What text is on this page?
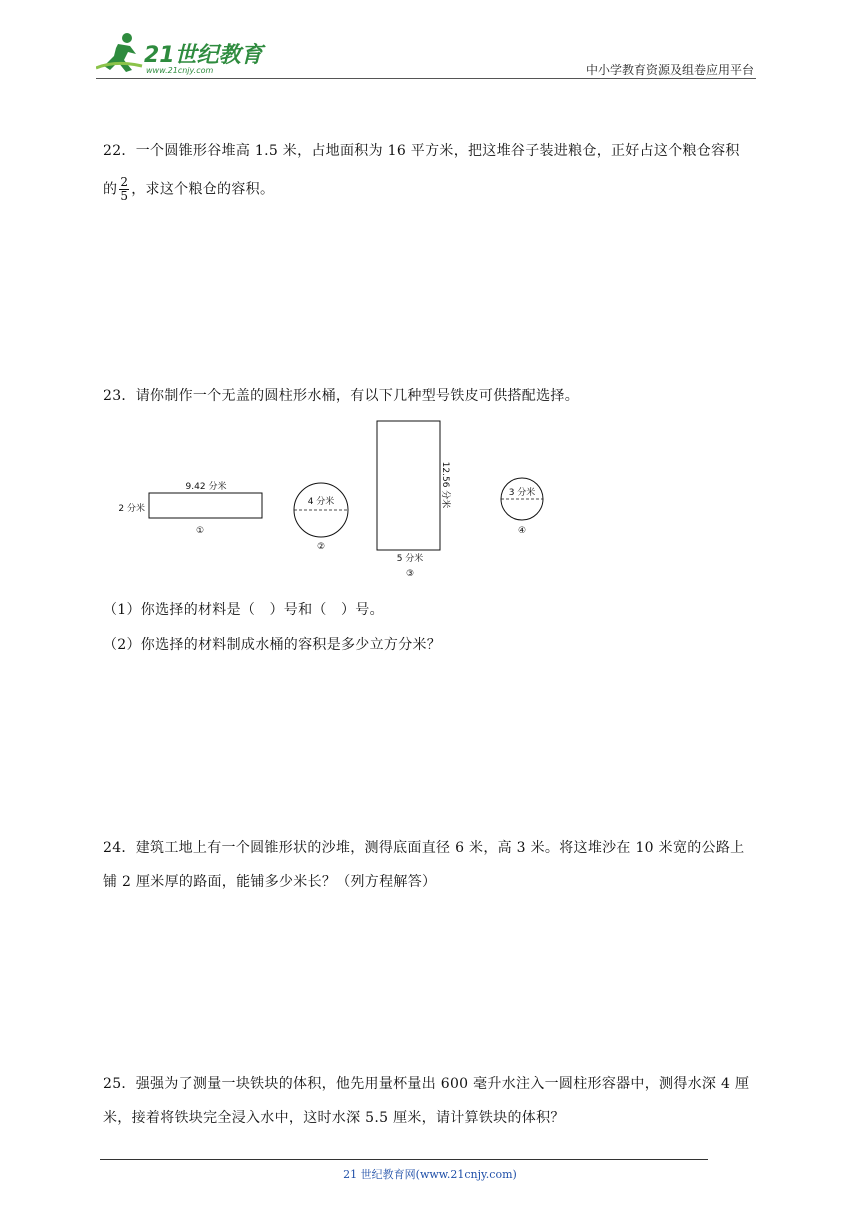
21世纪教育
www.21cnjy.com	中小学教育资源及组卷应用平台
22．一个圆锥形谷堆高 1.5 米，占地面积为 16 平方米，把这堆谷子装进粮仓，正好占这个粮仓容积
的 $\frac{2}{5}$ ，求这个粮仓的容积。
23．请你制作一个无盖的圆柱形水桶，有以下几种型号铁皮可供搭配选择。
9.42 分米
2 分米
①
4 分米
②
12.56 分米
5 分米
③
3 分米
④
（1）你选择的材料是（　）号和（　）号。
（2）你选择的材料制成水桶的容积是多少立方分米？
24．建筑工地上有一个圆锥形状的沙堆，测得底面直径 6 米，高 3 米。将这堆沙在 10 米宽的公路上
铺 2 厘米厚的路面，能铺多少米长？（列方程解答）
25．强强为了测量一块铁块的体积，他先用量杯量出 600 毫升水注入一圆柱形容器中，测得水深 4 厘
米，接着将铁块完全浸入水中，这时水深 5.5 厘米，请计算铁块的体积？
21 世纪教育网(www.21cnjy.com)
